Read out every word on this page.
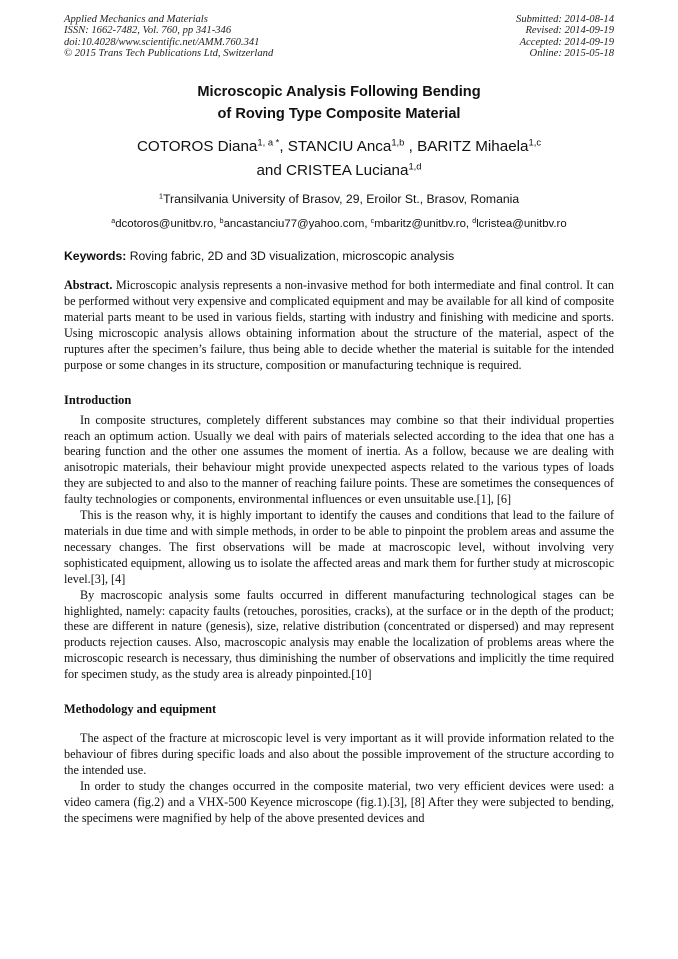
Applied Mechanics and Materials
ISSN: 1662-7482, Vol. 760, pp 341-346
doi:10.4028/www.scientific.net/AMM.760.341
© 2015 Trans Tech Publications Ltd, Switzerland
Submitted: 2014-08-14
Revised: 2014-09-19
Accepted: 2014-09-19
Online: 2015-05-18
Microscopic Analysis Following Bending
of Roving Type Composite Material
COTOROS Diana$^{1, a *}$, STANCIU Anca$^{1,b}$ , BARITZ Mihaela$^{1,c}$
and CRISTEA Luciana$^{1,d}$
$^1$Transilvania University of Brasov, 29, Eroilor St., Brasov, Romania
$^a$dcotoros@unitbv.ro, $^b$ancastanciu77@yahoo.com, $^c$mbaritz@unitbv.ro, $^d$lcristea@unitbv.ro
Keywords: Roving fabric, 2D and 3D visualization, microscopic analysis

Abstract. Microscopic analysis represents a non-invasive method for both intermediate and final control. It can be performed without very expensive and complicated equipment and may be available for all kind of composite material parts meant to be used in various fields, starting with industry and finishing with medicine and sports. Using microscopic analysis allows obtaining information about the structure of the material, aspect of the ruptures after the specimen’s failure, thus being able to decide whether the material is suitable for the intended purpose or some changes in its structure, composition or manufacturing technique is required.

Introduction

In composite structures, completely different substances may combine so that their individual properties reach an optimum action. Usually we deal with pairs of materials selected according to the idea that one has a bearing function and the other one assumes the moment of inertia. As a follow, because we are dealing with anisotropic materials, their behaviour might provide unexpected aspects related to the various types of loads they are subjected to and also to the manner of reaching failure points. These are sometimes the consequences of faulty technologies or components, environmental influences or even unsuitable use.[1], [6]

This is the reason why, it is highly important to identify the causes and conditions that lead to the failure of materials in due time and with simple methods, in order to be able to pinpoint the problem areas and assume the necessary changes. The first observations will be made at macroscopic level, without involving very sophisticated equipment, allowing us to isolate the affected areas and mark them for further study at microscopic level.[3], [4]

By macroscopic analysis some faults occurred in different manufacturing technological stages can be highlighted, namely: capacity faults (retouches, porosities, cracks), at the surface or in the depth of the product; these are different in nature (genesis), size, relative distribution (concentrated or dispersed) and may represent products rejection causes. Also, macroscopic analysis may enable the localization of problems areas where the microscopic research is necessary, thus diminishing the number of observations and implicitly the time required for specimen study, as the study area is already pinpointed.[10]

Methodology and equipment

The aspect of the fracture at microscopic level is very important as it will provide information related to the behaviour of fibres during specific loads and also about the possible improvement of the structure according to the intended use.

In order to study the changes occurred in the composite material, two very efficient devices were used: a video camera (fig.2) and a VHX-500 Keyence microscope (fig.1).[3], [8] After they were subjected to bending, the specimens were magnified by help of the above presented devices and
